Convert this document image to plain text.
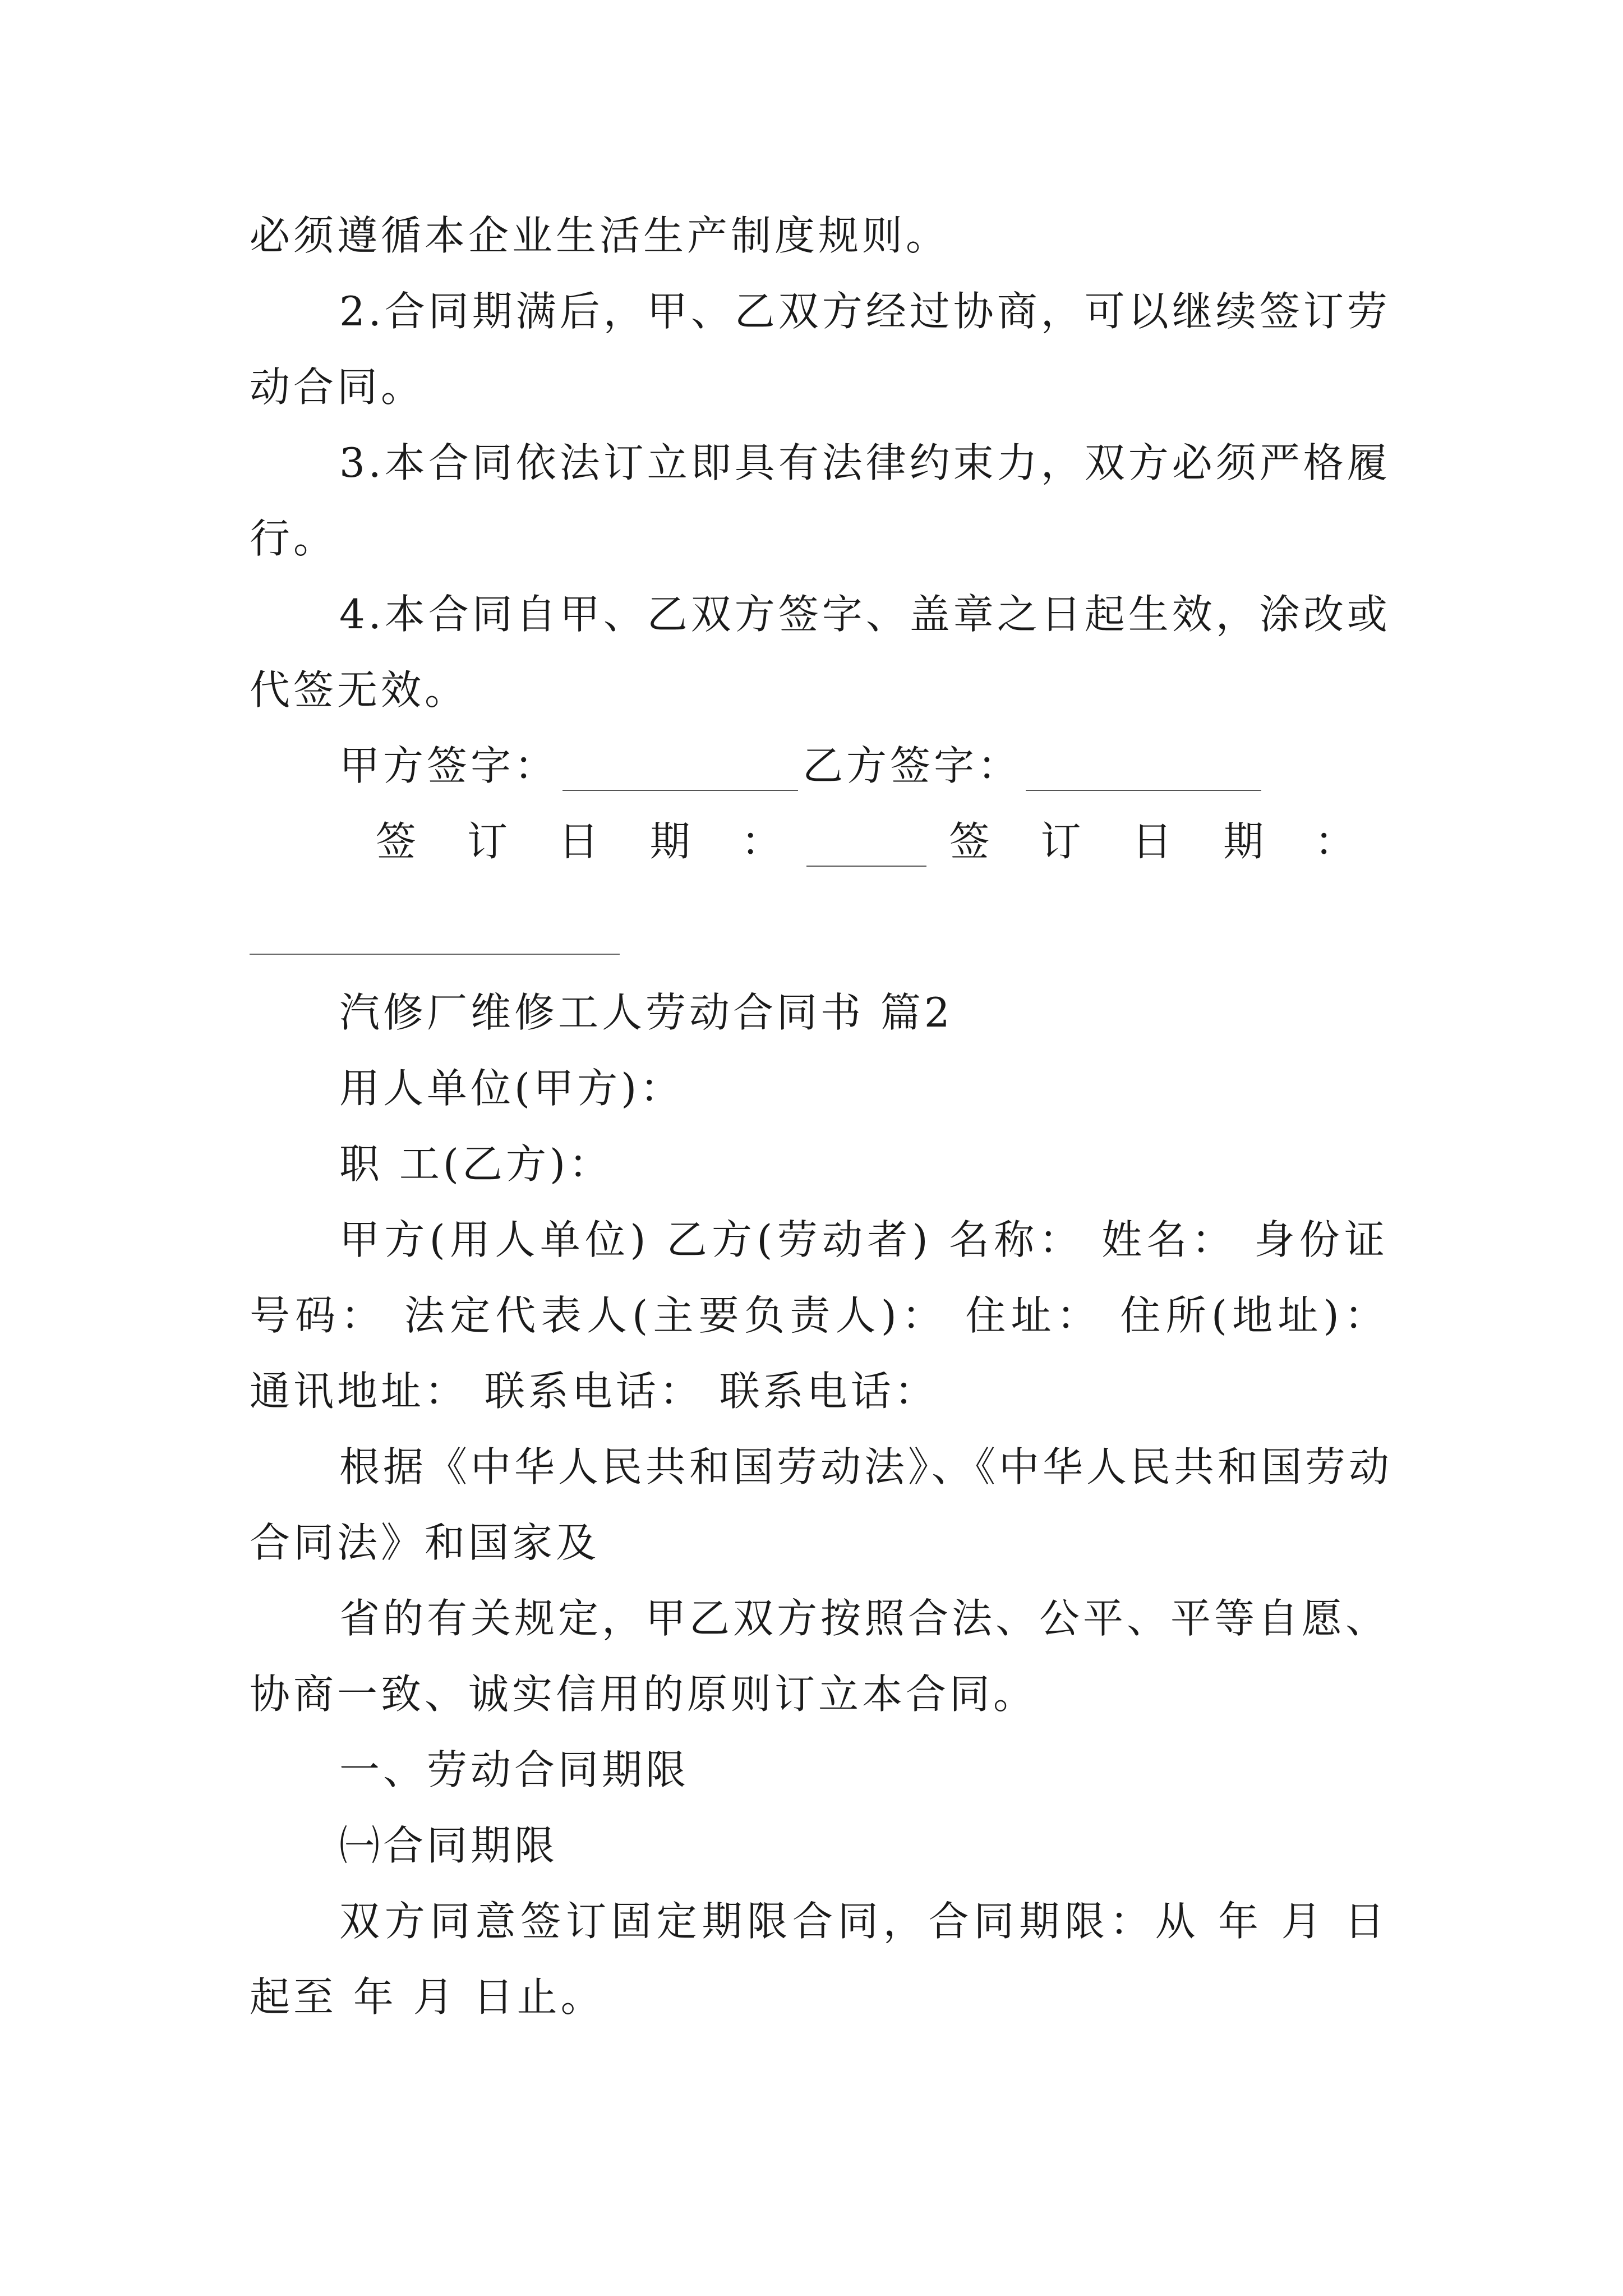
必须遵循本企业生活生产制度规则。
2.合同期满后，甲、乙双方经过协商，可以继续签订劳
动合同。
3.本合同依法订立即具有法律约束力，双方必须严格履
行。
4.本合同自甲、乙双方签字、盖章之日起生效，涂改或
代签无效。
甲方签字：	乙方签字：
签 订 日 期 ：	签 订 日 期 ：
汽修厂维修工人劳动合同书 篇2
用人单位(甲方)：
职 工(乙方)：
甲方(用人单位) 乙方(劳动者) 名称： 姓名： 身份证
号码： 法定代表人(主要负责人)： 住址： 住所(地址)：
通讯地址： 联系电话： 联系电话：
根据《中华人民共和国劳动法》、《中华人民共和国劳动
合同法》和国家及
省的有关规定，甲乙双方按照合法、公平、平等自愿、
协商一致、诚实信用的原则订立本合同。
一、劳动合同期限
㈠合同期限
双方同意签订固定期限合同，合同期限：从 年 月 日
起至 年 月 日止。
